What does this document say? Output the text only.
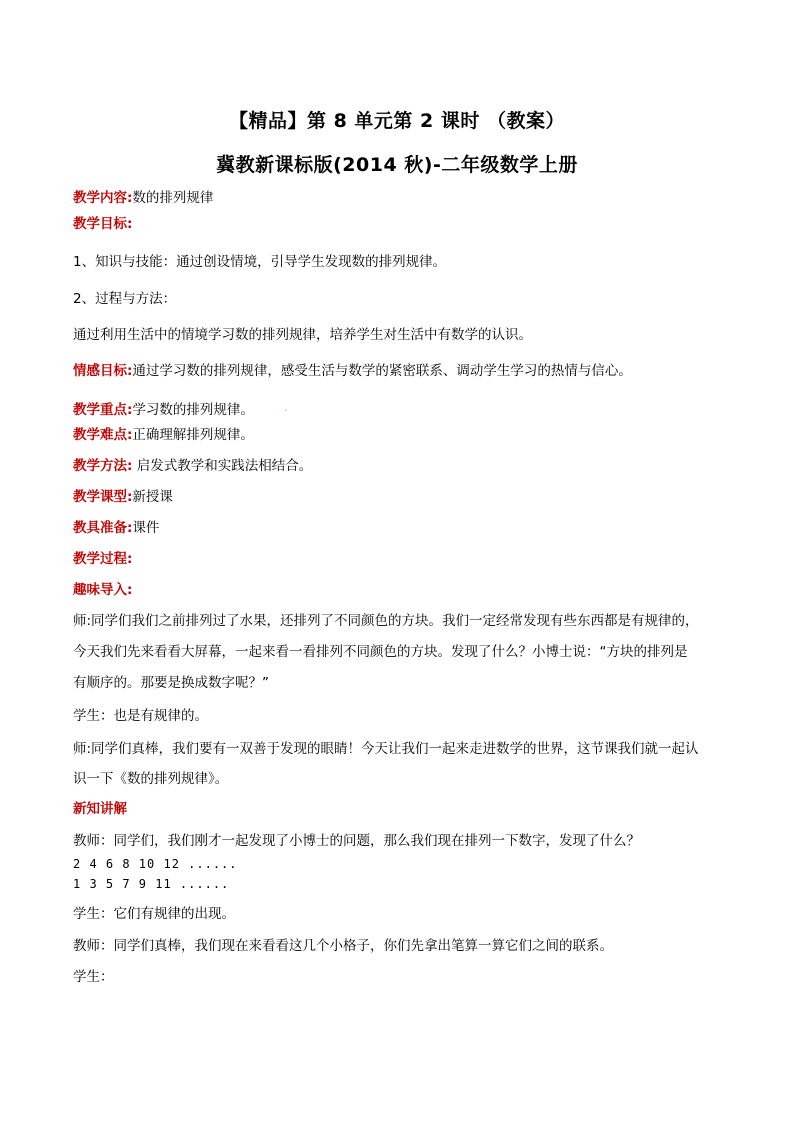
【精品】第 8 单元第 2 课时 （教案）
冀教新课标版(2014 秋)-二年级数学上册
教学内容:数的排列规律
教学目标:
1、知识与技能：通过创设情境，引导学生发现数的排列规律。
2、过程与方法：
通过利用生活中的情境学习数的排列规律，培养学生对生活中有数学的认识。
情感目标:通过学习数的排列规律，感受生活与数学的紧密联系、调动学生学习的热情与信心。
教学重点:学习数的排列规律。	.
教学难点:正确理解排列规律。
教学方法: 启发式教学和实践法相结合。
教学课型:新授课
教具准备:课件
教学过程:
趣味导入:
师:同学们我们之前排列过了水果，还排列了不同颜色的方块。我们一定经常发现有些东西都是有规律的，
今天我们先来看看大屏幕，一起来看一看排列不同颜色的方块。发现了什么？小博士说：“方块的排列是
有顺序的。那要是换成数字呢？”
学生：也是有规律的。
师:同学们真棒，我们要有一双善于发现的眼睛！今天让我们一起来走进数学的世界，这节课我们就一起认
识一下《数的排列规律》。
新知讲解
教师：同学们，我们刚才一起发现了小博士的问题，那么我们现在排列一下数字，发现了什么？
2 4 6 8 10 12 ......
1 3 5 7 9 11 ......
学生：它们有规律的出现。
教师：同学们真棒，我们现在来看看这几个小格子，你们先拿出笔算一算它们之间的联系。
学生：
